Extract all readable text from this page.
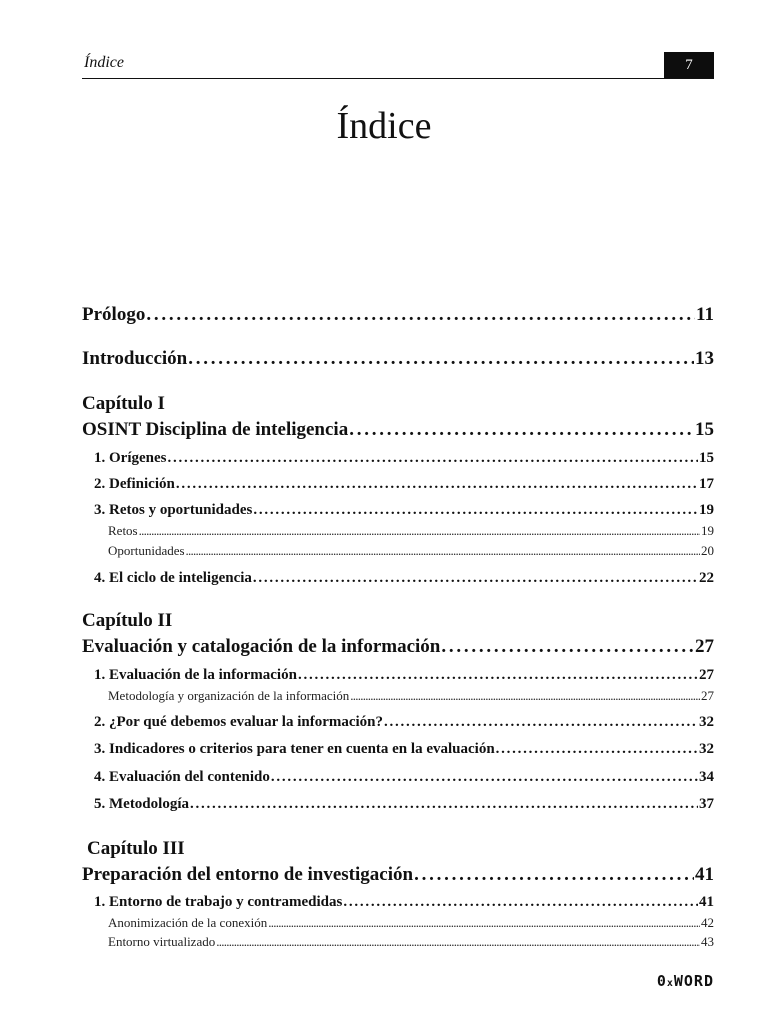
Índice	7
Índice
Prólogo . . .	11
Introducción . . .	13
Capítulo I
OSINT Disciplina de inteligencia . . .	15
1. Orígenes . . .	15
2. Definición . . .	17
3. Retos y oportunidades . . .	19
Retos . . .	19
Oportunidades . . .	20
4. El ciclo de inteligencia . . .	22
Capítulo II
Evaluación y catalogación de la información . . .	27
1. Evaluación de la información . . .	27
Metodología y organización de la información . . .	27
2. ¿Por qué debemos evaluar la información? . . .	32
3. Indicadores o criterios para tener en cuenta en la evaluación . . .	32
4. Evaluación del contenido . . .	34
5. Metodología . . .	37
Capítulo III
Preparación del entorno de investigación . . .	41
1. Entorno de trabajo y contramedidas . . .	41
Anonimización de la conexión . . .	42
Entorno virtualizado . . .	43
0xWORD
